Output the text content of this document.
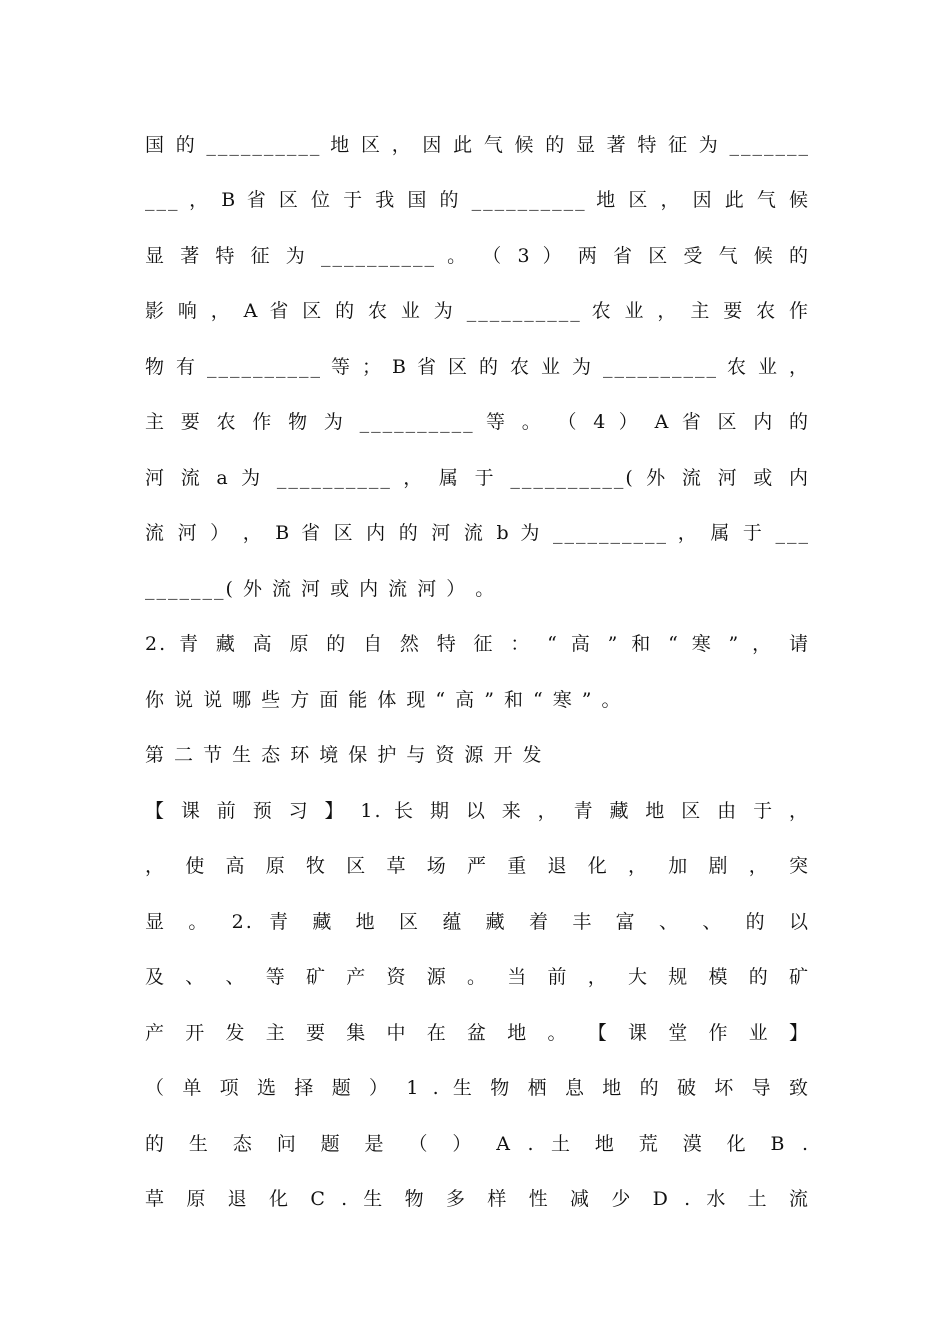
国 的 __________ 地 区 ， 因 此 气 候 的 显 著 特 征 为 _______
___ ， B 省 区 位 于 我 国 的 __________ 地 区 ， 因 此 气 候
显 著 特 征 为 __________ 。 （ 3 ） 两 省 区 受 气 候 的
影 响 ， A 省 区 的 农 业 为 __________ 农 业 ， 主 要 农 作
物 有 __________ 等 ； B 省 区 的 农 业 为 __________ 农 业 ，
主 要 农 作 物 为 __________ 等 。 （ 4 ） A 省 区 内 的
河 流 a 为 __________ ， 属 于 __________( 外 流 河 或 内
流 河 ） ， B 省 区 内 的 河 流 b 为 __________ ， 属 于 ___
_______( 外 流 河 或 内 流 河 ） 。
2. 青 藏 高 原 的 自 然 特 征 ： “ 高 ” 和 “ 寒 ” ， 请
你 说 说 哪 些 方 面 能 体 现 “ 高 ” 和 “ 寒 ” 。
第 二 节 生 态 环 境 保 护 与 资 源 开 发
【 课 前 预 习 】 1. 长 期 以 来 ， 青 藏 地 区 由 于 ，
， 使 高 原 牧 区 草 场 严 重 退 化 ， 加 剧 ， 突
显 。 2. 青 藏 地 区 蕴 藏 着 丰 富 、 、 的 以
及 、 、 等 矿 产 资 源 。 当 前 ， 大 规 模 的 矿
产 开 发 主 要 集 中 在 盆 地 。 【 课 堂 作 业 】
（ 单 项 选 择 题 ） 1 . 生 物 栖 息 地 的 破 坏 导 致
的 生 态 问 题 是 （ ） A . 土 地 荒 漠 化 B .
草 原 退 化 C . 生 物 多 样 性 减 少 D . 水 土 流
